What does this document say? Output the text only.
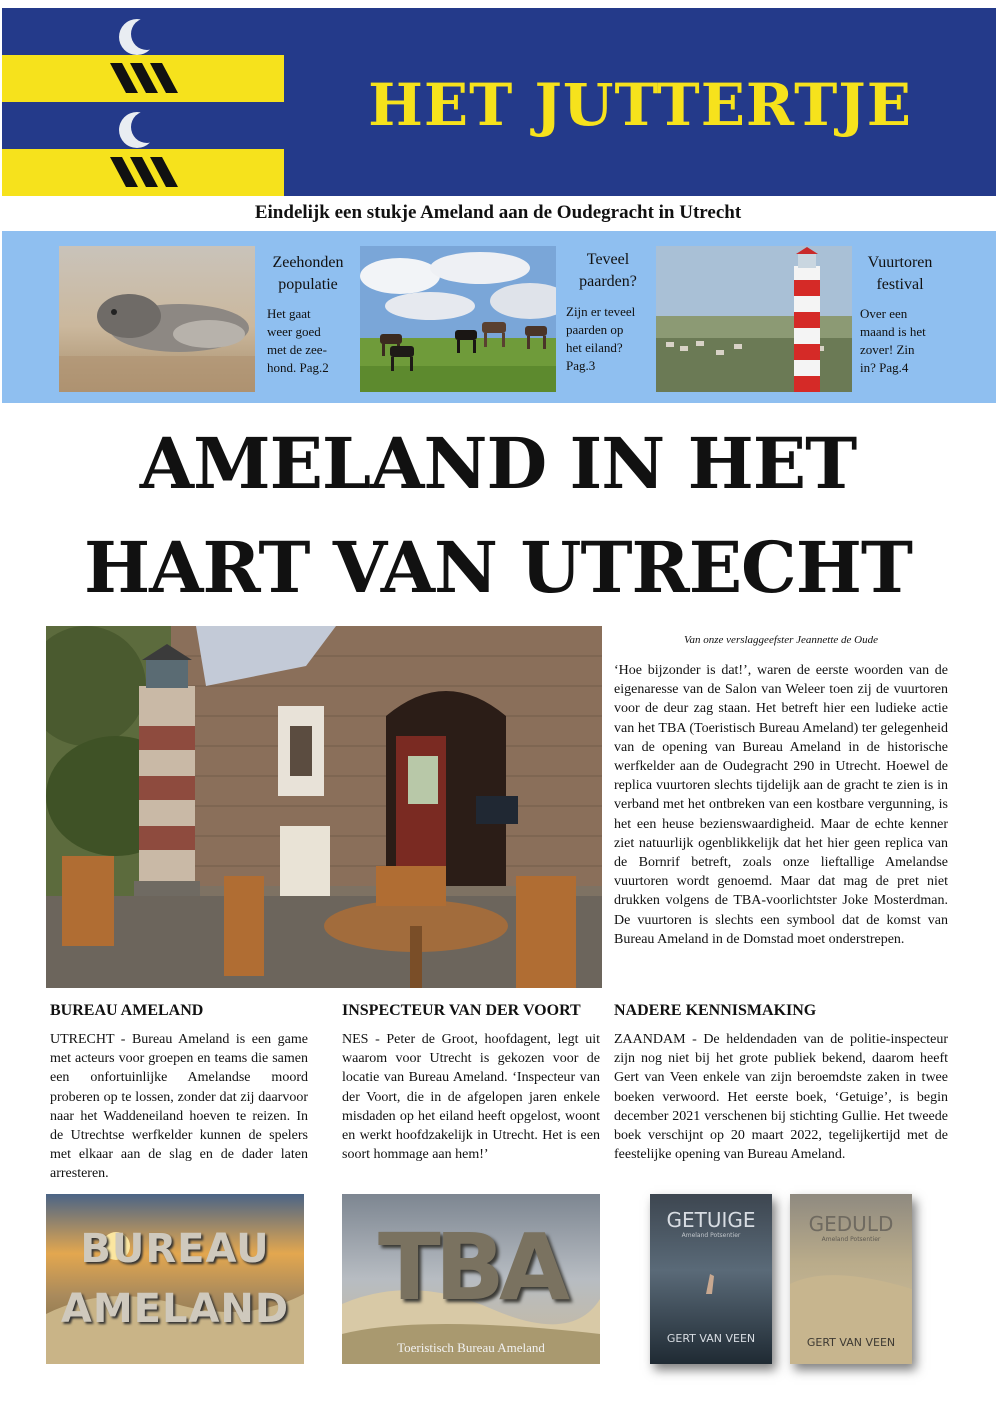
HET JUTTERTJE
Eindelijk een stukje Ameland aan de Oudegracht in Utrecht
Zeehonden
populatie
Het gaat
weer goed
met de zee-
hond. Pag.2
Teveel
paarden?
Zijn er teveel
paarden op
het eiland?
Pag.3
Vuurtoren
festival
Over een
maand is het
zover! Zin
in? Pag.4
AMELAND IN HET
HART VAN UTRECHT
Van onze verslaggeefster Jeannette de Oude
‘Hoe bijzonder is dat!’, waren de eerste woorden van de eigenaresse van de Salon van Weleer toen zij de vuurtoren voor de deur zag staan. Het betreft hier een ludieke actie van het TBA (Toeristisch Bureau Ameland) ter gelegenheid van de opening van Bureau Ameland in de historische werfkelder aan de Oudegracht 290 in Utrecht. Hoewel de replica vuurtoren slechts tijdelijk aan de gracht te zien is in verband met het ontbreken van een kostbare vergunning, is het een heuse bezienswaardigheid. Maar de echte kenner ziet natuurlijk ogenblikkelijk dat het hier geen replica van de Bornrif betreft, zoals onze lieftallige Amelandse vuurtoren wordt genoemd. Maar dat mag de pret niet drukken volgens de TBA-voorlichtster Joke Mosterdman. De vuurtoren is slechts een symbool dat de komst van Bureau Ameland in de Domstad moet onderstrepen.
BUREAU AMELAND
UTRECHT - Bureau Ameland is een game met acteurs voor groepen en teams die samen een onfortuinlijke Amelandse moord proberen op te lossen, zonder dat zij daarvoor naar het Waddeneiland hoeven te reizen. In de Utrechtse werfkelder kunnen de spelers met elkaar aan de slag en de dader laten arresteren.
INSPECTEUR VAN DER VOORT
NES - Peter de Groot, hoofdagent, legt uit waarom voor Utrecht is gekozen voor de locatie van Bureau Ameland. ‘Inspecteur van der Voort, die in de afgelopen jaren enkele misdaden op het eiland heeft opgelost, woont en werkt hoofdzakelijk in Utrecht. Het is een soort hommage aan hem!’
NADERE KENNISMAKING
ZAANDAM - De heldendaden van de politie-inspecteur zijn nog niet bij het grote publiek bekend, daarom heeft Gert van Veen enkele van zijn beroemdste zaken in twee boeken verwoord. Het eerste boek, ‘Getuige’, is begin december 2021 verschenen bij stichting Gullie. Het tweede boek verschijnt op 20 maart 2022, tegelijkertijd met de feestelijke opening van Bureau Ameland.
BUREAU
AMELAND TBA
Toeristisch Bureau Ameland
GETUIGE
Ameland Potsentier
GERT VAN VEEN
GEDULD
Ameland Potsentier
GERT VAN VEEN
